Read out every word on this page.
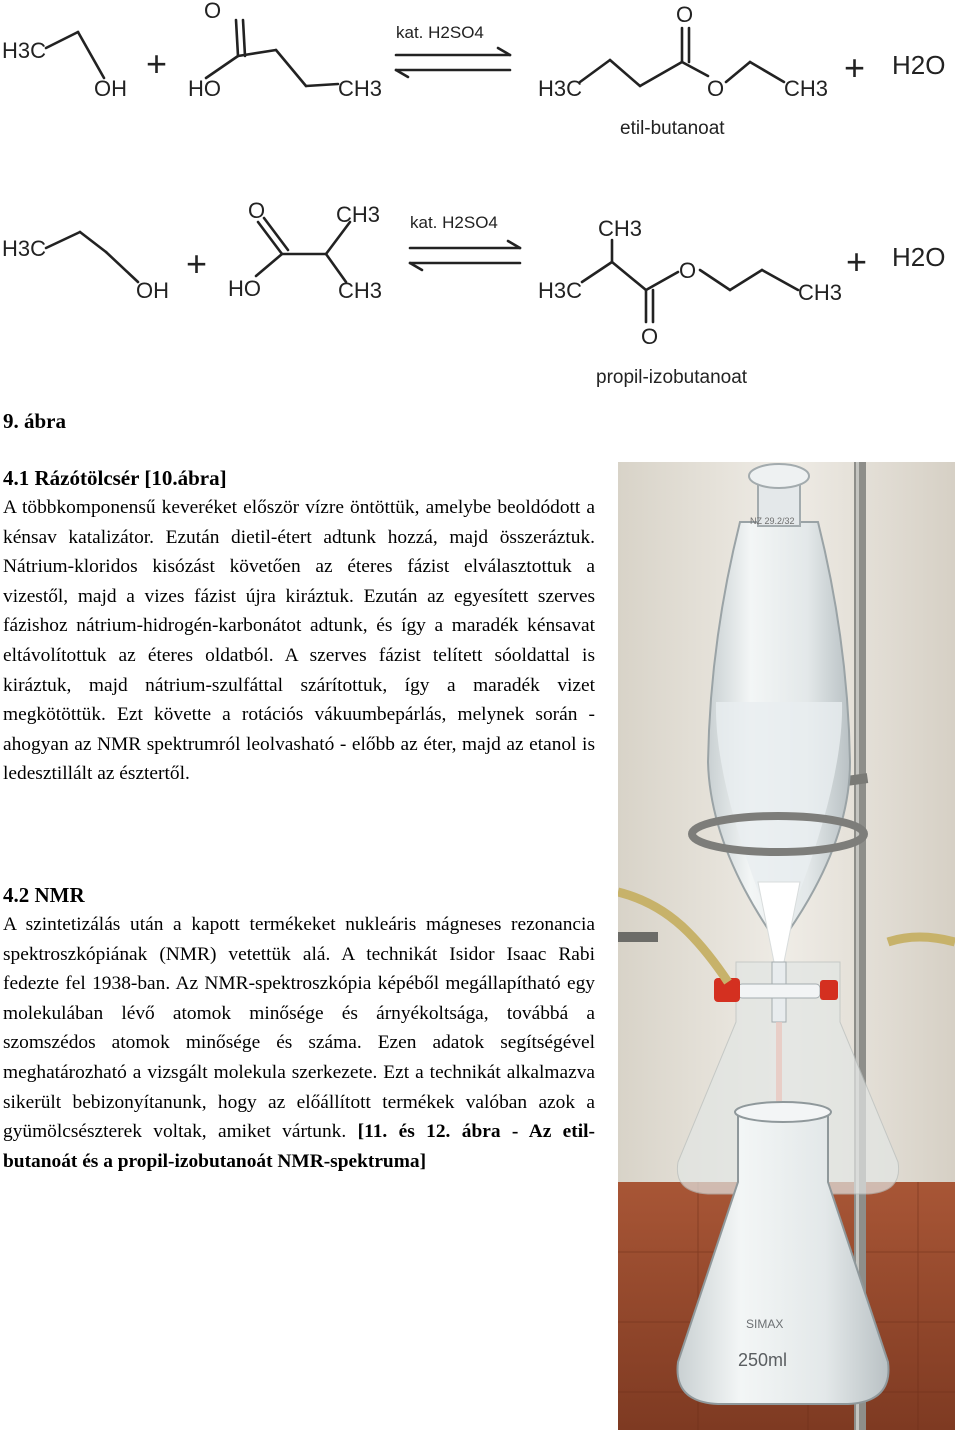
H3C
OH
+
O
HO	CH3
kat. H2SO4
O
H3C	O	CH3
etil-butanoat
+ H2O
H3C
OH
+
O	CH3
HO	CH3
kat. H2SO4	CH3
O
H3C	CH3
O
propil-izobutanoat
+ H2O
9. ábra
4.1 Rázótölcsér [10.ábra]

A többkomponensű keveréket először vízre öntöttük, amelybe beoldódott a kénsav katalizátor. Ezután dietil-étert adtunk hozzá, majd összeráztuk. Nátrium-kloridos kisózást követően az éteres fázist elválasztottuk a vizestől, majd a vizes fázist újra kiráztuk. Ezután az egyesített szerves fázishoz nátrium-hidrogén-karbonátot adtunk, és így a maradék kénsavat eltávolítottuk az éteres oldatból. A szerves fázist telített sóoldattal is kiráztuk, majd nátrium-szulfáttal szárítottuk, így a maradék vizet megkötöttük. Ezt követte a rotációs vákuumbepárlás, melynek során - ahogyan az NMR spektrumról leolvasható - előbb az éter, majd az etanol is ledesztillált az észtertől.

4.2 NMR

A szintetizálás után a kapott termékeket nukleáris mágneses rezonancia spektroszkópiának (NMR) vetettük alá. A technikát Isidor Isaac Rabi fedezte fel 1938-ban. Az NMR-spektroszkópia képéből megállapítható egy molekulában lévő atomok minősége és árnyékoltsága, továbbá a szomszédos atomok minősége és száma. Ezen adatok segítségével meghatározható a vizsgált molekula szerkezete. Ezt a technikát alkalmazva sikerült bebizonyítanunk, hogy az előállított termékek valóban azok a gyümölcsészterek voltak, amiket vártunk. [11. és 12. ábra - Az etil-butanoát és a propil-izobutanoát NMR-spektruma]

NZ 29.2/32
SIMAX
250ml
